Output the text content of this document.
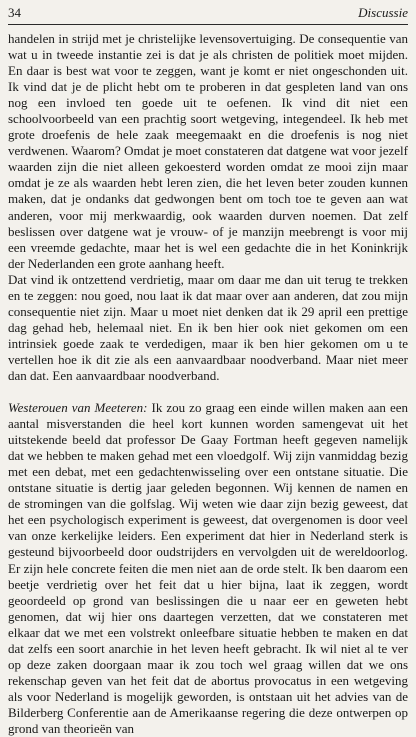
34	Discussie

handelen in strijd met je christelijke levensovertuiging. De consequentie van wat u in tweede instantie zei is dat je als christen de politiek moet mijden. En daar is best wat voor te zeggen, want je komt er niet ongeschonden uit. Ik vind dat je de plicht hebt om te proberen in dat gespleten land van ons nog een invloed ten goede uit te oefenen. Ik vind dit niet een schoolvoorbeeld van een prachtig soort wetgeving, integendeel. Ik heb met grote droefenis de hele zaak meegemaakt en die droefenis is nog niet verdwenen. Waarom? Omdat je moet constateren dat datgene wat voor jezelf waarden zijn die niet alleen gekoesterd worden omdat ze mooi zijn maar omdat je ze als waarden hebt leren zien, die het leven beter zouden kunnen maken, dat je ondanks dat gedwongen bent om toch toe te geven aan wat anderen, voor mij merkwaardig, ook waarden durven noemen. Dat zelf beslissen over datgene wat je vrouw- of je manzijn meebrengt is voor mij een vreemde gedachte, maar het is wel een gedachte die in het Koninkrijk der Nederlanden een grote aanhang heeft.

Dat vind ik ontzettend verdrietig, maar om daar me dan uit terug te trekken en te zeggen: nou goed, nou laat ik dat maar over aan anderen, dat zou mijn consequentie niet zijn. Maar u moet niet denken dat ik 29 april een prettige dag gehad heb, helemaal niet. En ik ben hier ook niet gekomen om een intrinsiek goede zaak te verdedigen, maar ik ben hier gekomen om u te vertellen hoe ik dit zie als een aanvaardbaar noodverband. Maar niet meer dan dat. Een aanvaardbaar noodverband.

Westerouen van Meeteren: Ik zou zo graag een einde willen maken aan een aantal misverstanden die heel kort kunnen worden samengevat uit het uitstekende beeld dat professor De Gaay Fortman heeft gegeven namelijk dat we hebben te maken gehad met een vloedgolf. Wij zijn vanmiddag bezig met een debat, met een gedachtenwisseling over een ontstane situatie. Die ontstane situatie is dertig jaar geleden begonnen. Wij kennen de namen en de stromingen van die golfslag. Wij weten wie daar zijn bezig geweest, dat het een psychologisch experiment is geweest, dat overgenomen is door veel van onze kerkelijke leiders. Een experiment dat hier in Nederland sterk is gesteund bijvoorbeeld door oudstrijders en vervolgden uit de wereldoorlog. Er zijn hele concrete feiten die men niet aan de orde stelt. Ik ben daarom een beetje verdrietig over het feit dat u hier bijna, laat ik zeggen, wordt geoordeeld op grond van beslissingen die u naar eer en geweten hebt genomen, dat wij hier ons daartegen verzetten, dat we constateren met elkaar dat we met een volstrekt onleefbare situatie hebben te maken en dat dat zelfs een soort anarchie in het leven heeft gebracht. Ik wil niet al te ver op deze zaken doorgaan maar ik zou toch wel graag willen dat we ons rekenschap geven van het feit dat de abortus provocatus in een wetgeving als voor Nederland is mogelijk geworden, is ontstaan uit het advies van de Bilderberg Conferentie aan de Amerikaanse regering die deze ontwerpen op grond van theorieën van
